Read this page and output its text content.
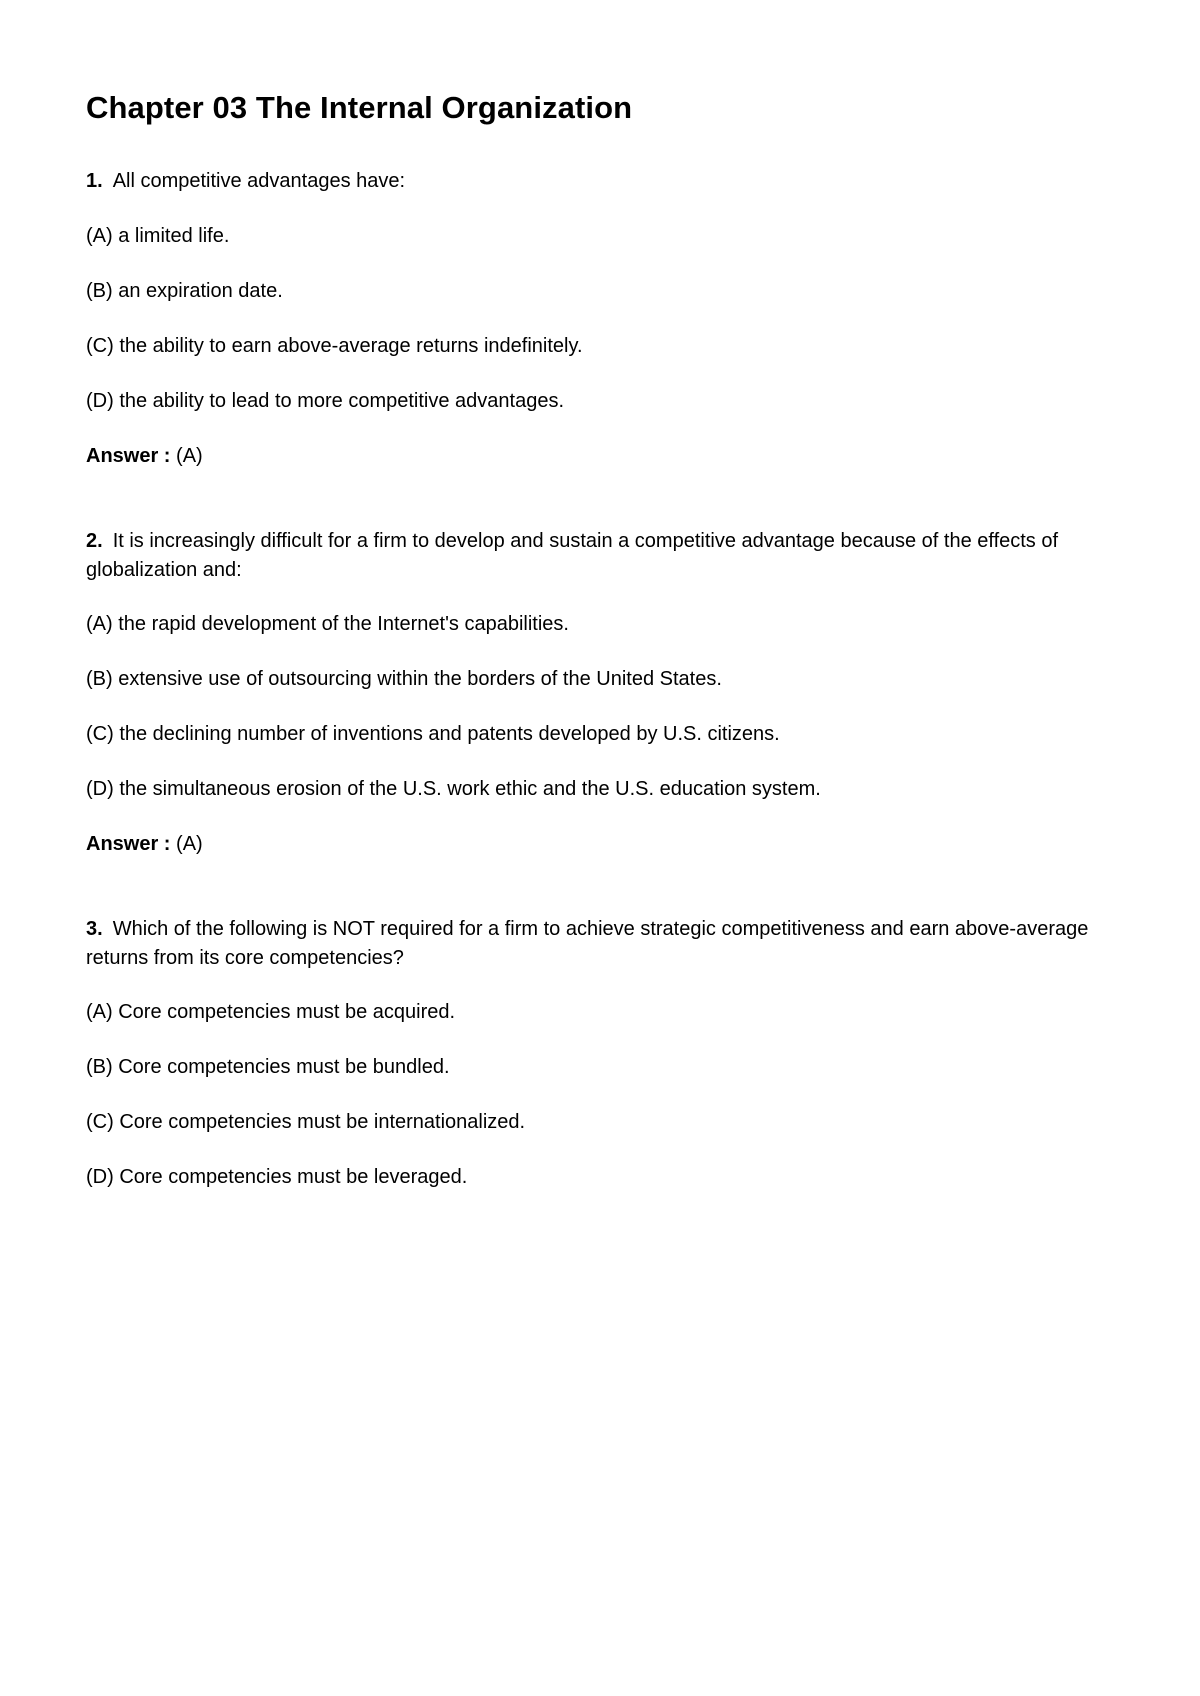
Chapter 03 The Internal Organization

1. All competitive advantages have:

(A) a limited life.

(B) an expiration date.

(C) the ability to earn above-average returns indefinitely.

(D) the ability to lead to more competitive advantages.

Answer : (A)

2. It is increasingly difficult for a firm to develop and sustain a competitive advantage because of the effects of globalization and:

(A) the rapid development of the Internet's capabilities.

(B) extensive use of outsourcing within the borders of the United States.

(C) the declining number of inventions and patents developed by U.S. citizens.

(D) the simultaneous erosion of the U.S. work ethic and the U.S. education system.

Answer : (A)

3. Which of the following is NOT required for a firm to achieve strategic competitiveness and earn above-average returns from its core competencies?

(A) Core competencies must be acquired.

(B) Core competencies must be bundled.

(C) Core competencies must be internationalized.

(D) Core competencies must be leveraged.
